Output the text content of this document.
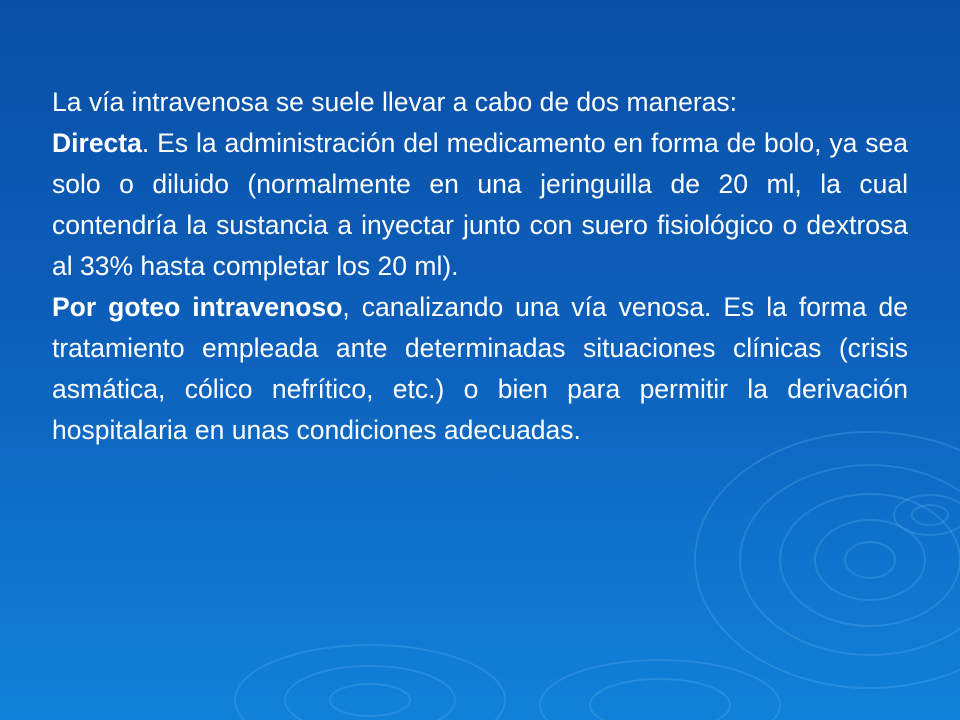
La vía intravenosa se suele llevar a cabo de dos maneras:

Directa. Es la administración del medicamento en forma de bolo, ya sea solo o diluido (normalmente en una jeringuilla de 20 ml, la cual contendría la sustancia a inyectar junto con suero fisiológico o dextrosa al 33% hasta completar los 20 ml).

Por goteo intravenoso, canalizando una vía venosa. Es la forma de tratamiento empleada ante determinadas situaciones clínicas (crisis asmática, cólico nefrítico, etc.) o bien para permitir la derivación hospitalaria en unas condiciones adecuadas.
